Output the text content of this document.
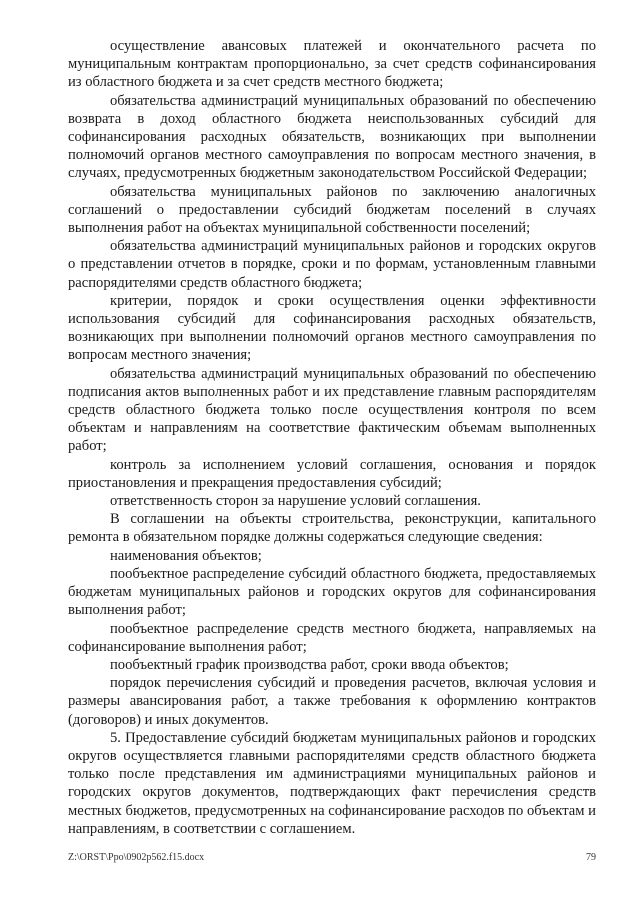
осуществление авансовых платежей и окончательного расчета по муниципальным контрактам пропорционально, за счет средств софинансирования из областного бюджета и за счет средств местного бюджета;

обязательства администраций муниципальных образований по обеспечению возврата в доход областного бюджета неиспользованных субсидий для софинансирования расходных обязательств, возникающих при выполнении полномочий органов местного самоуправления по вопросам местного значения, в случаях, предусмотренных бюджетным законодательством Российской Федерации;

обязательства муниципальных районов по заключению аналогичных соглашений о предоставлении субсидий бюджетам поселений в случаях выполнения работ на объектах муниципальной собственности поселений;

обязательства администраций муниципальных районов и городских округов о представлении отчетов в порядке, сроки и по формам, установленным главными распорядителями средств областного бюджета;

критерии, порядок и сроки осуществления оценки эффективности использования субсидий для софинансирования расходных обязательств, возникающих при выполнении полномочий органов местного самоуправления по вопросам местного значения;

обязательства администраций муниципальных образований по обеспечению подписания актов выполненных работ и их представление главным распорядителям средств областного бюджета только после осуществления контроля по всем объектам и направлениям на соответствие фактическим объемам выполненных работ;

контроль за исполнением условий соглашения, основания и порядок приостановления и прекращения предоставления субсидий;

ответственность сторон за нарушение условий соглашения.

В соглашении на объекты строительства, реконструкции, капитального ремонта в обязательном порядке должны содержаться следующие сведения:

наименования объектов;

пообъектное распределение субсидий областного бюджета, предоставляемых бюджетам муниципальных районов и городских округов для софинансирования выполнения работ;

пообъектное распределение средств местного бюджета, направляемых на софинансирование выполнения работ;

пообъектный график производства работ, сроки ввода объектов;

порядок перечисления субсидий и проведения расчетов, включая условия и размеры авансирования работ, а также требования к оформлению контрактов (договоров) и иных документов.

5. Предоставление субсидий бюджетам муниципальных районов и городских округов осуществляется главными распорядителями средств областного бюджета только после представления им администрациями муниципальных районов и городских округов документов, подтверждающих факт перечисления средств местных бюджетов, предусмотренных на софинансирование расходов по объектам и направлениям, в соответствии с соглашением.

Z:\ORST\Ppo\0902p562.f15.docx	79
